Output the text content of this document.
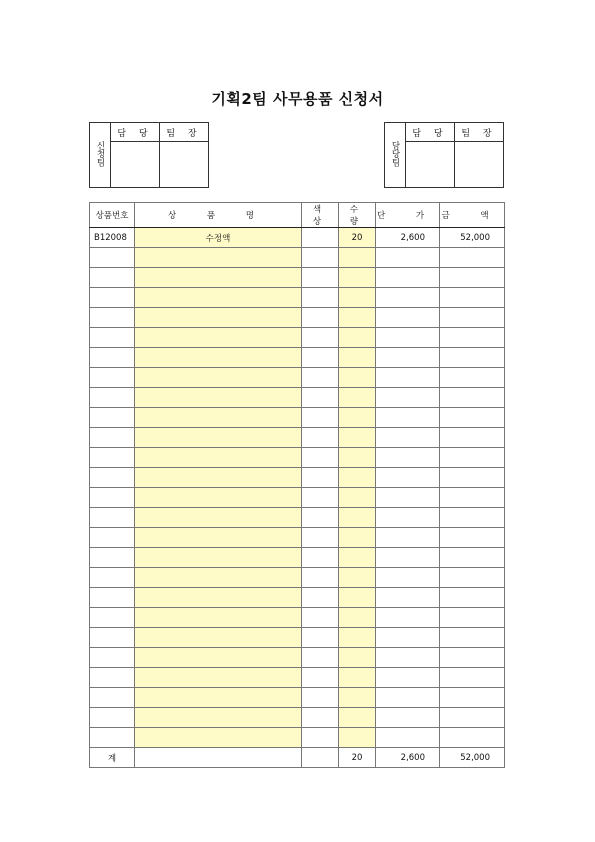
기획2팀 사무용품 신청서
신청팀	담 당	팀 장

담당팀	담 당	팀 장

상품번호	상 품 명	색 상	수 량	단 가	금 액
B12008	수정액		20	2,600	52,000

계			20	2,600	52,000
